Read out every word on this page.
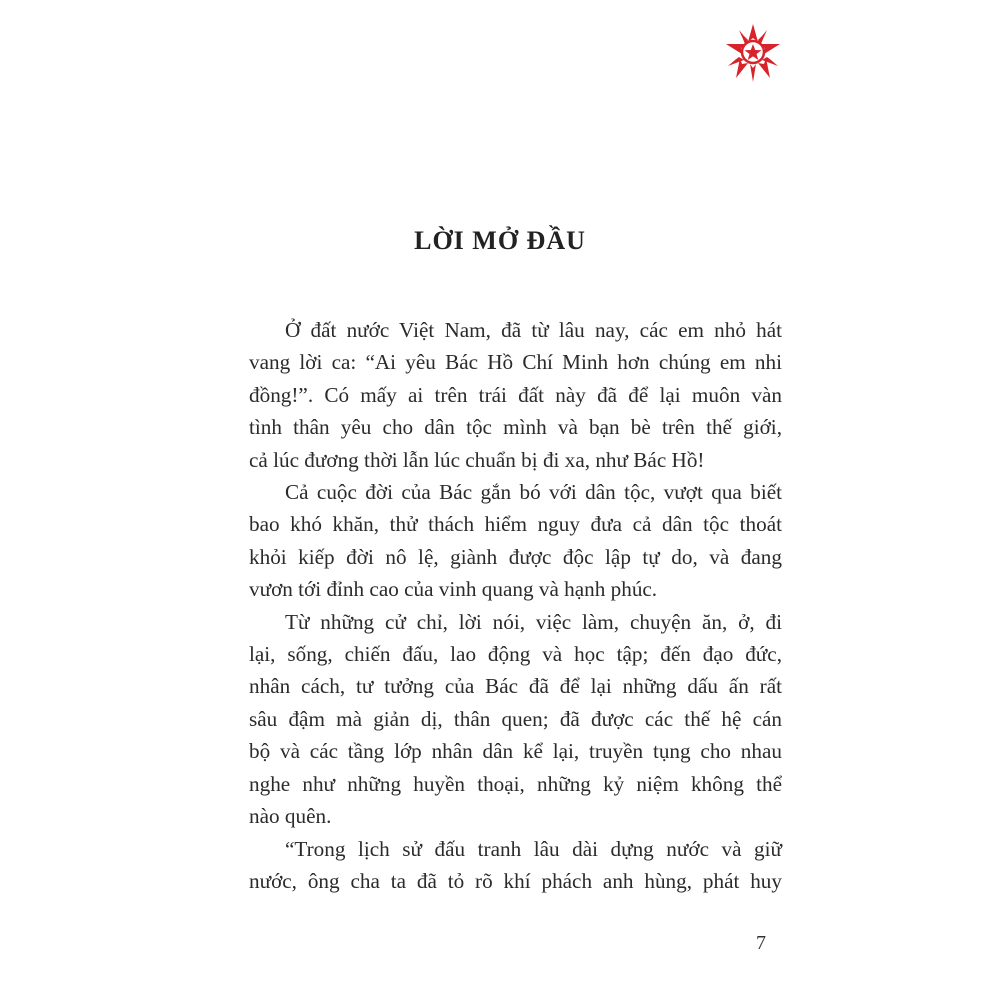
LỜI MỞ ĐẦU

Ở đất nước Việt Nam, đã từ lâu nay, các em nhỏ hát
vang lời ca: “Ai yêu Bác Hồ Chí Minh hơn chúng em nhi
đồng!”. Có mấy ai trên trái đất này đã để lại muôn vàn
tình thân yêu cho dân tộc mình và bạn bè trên thế giới,
cả lúc đương thời lẫn lúc chuẩn bị đi xa, như Bác Hồ!

Cả cuộc đời của Bác gắn bó với dân tộc, vượt qua biết
bao khó khăn, thử thách hiểm nguy đưa cả dân tộc thoát
khỏi kiếp đời nô lệ, giành được độc lập tự do, và đang
vươn tới đỉnh cao của vinh quang và hạnh phúc.

Từ những cử chỉ, lời nói, việc làm, chuyện ăn, ở, đi
lại, sống, chiến đấu, lao động và học tập; đến đạo đức,
nhân cách, tư tưởng của Bác đã để lại những dấu ấn rất
sâu đậm mà giản dị, thân quen; đã được các thế hệ cán
bộ và các tầng lớp nhân dân kể lại, truyền tụng cho nhau
nghe như những huyền thoại, những kỷ niệm không thể
nào quên.

“Trong lịch sử đấu tranh lâu dài dựng nước và giữ
nước, ông cha ta đã tỏ rõ khí phách anh hùng, phát huy

7
